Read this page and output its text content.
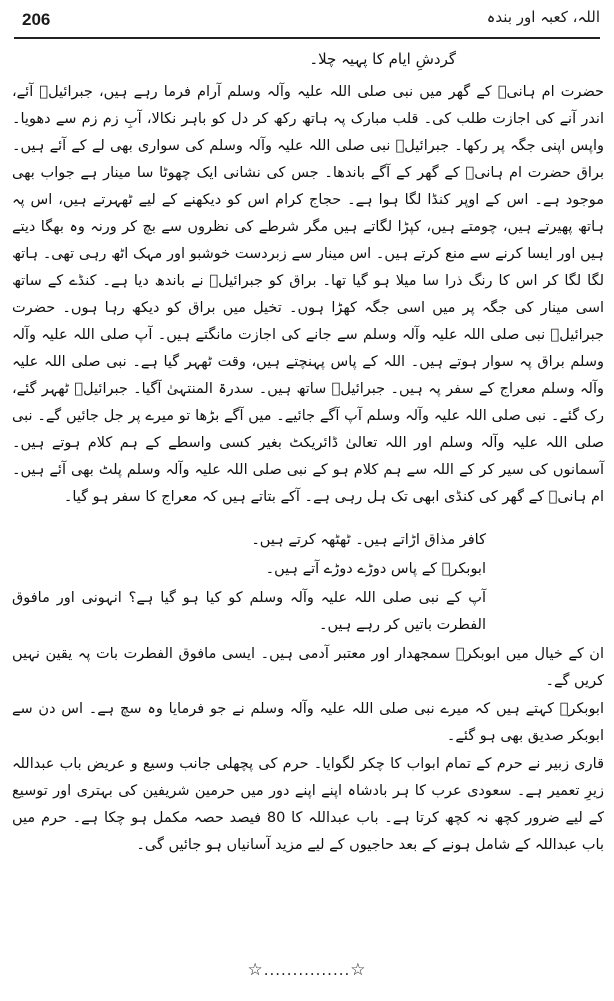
206	اللہ، کعبہ اور بندہ

گردشِ ایام کا پہیہ چلا۔

حضرت ام ہانیؓ کے گھر میں نبی صلی اللہ علیہ وآلہ وسلم آرام فرما رہے ہیں، جبرائیلؑ آئے، اندر آنے کی اجازت طلب کی۔ قلب مبارک پہ ہاتھ رکھ کر دل کو باہر نکالا، آبِ زم زم سے دھویا۔ واپس اپنی جگہ پر رکھا۔ جبرائیلؑ نبی صلی اللہ علیہ وآلہ وسلم کی سواری بھی لے کے آئے ہیں۔ براق حضرت ام ہانیؓ کے گھر کے آگے باندھا۔ جس کی نشانی ایک چھوٹا سا مینار ہے جواب بھی موجود ہے۔ اس کے اوپر کنڈا لگا ہوا ہے۔ حجاج کرام اس کو دیکھنے کے لیے ٹھہرتے ہیں، اس پہ ہاتھ پھیرتے ہیں، چومتے ہیں، کپڑا لگاتے ہیں مگر شرطے کی نظروں سے بچ کر ورنہ وہ بھگا دیتے ہیں اور ایسا کرنے سے منع کرتے ہیں۔ اس مینار سے زبردست خوشبو اور مہک اٹھ رہی تھی۔ ہاتھ لگا لگا کر اس کا رنگ ذرا سا میلا ہو گیا تھا۔ براق کو جبرائیلؑ نے باندھ دیا ہے۔ کنڈے کے ساتھ اسی مینار کی جگہ پر میں اسی جگہ کھڑا ہوں۔ تخیل میں براق کو دیکھ رہا ہوں۔ حضرت جبرائیلؑ نبی صلی اللہ علیہ وآلہ وسلم سے جانے کی اجازت مانگتے ہیں۔ آپ صلی اللہ علیہ وآلہ وسلم براق پہ سوار ہوتے ہیں۔ اللہ کے پاس پہنچتے ہیں، وقت ٹھہر گیا ہے۔ نبی صلی اللہ علیہ وآلہ وسلم معراج کے سفر پہ ہیں۔ جبرائیلؑ ساتھ ہیں۔ سدرۃ المنتہیٰ آگیا۔ جبرائیلؑ ٹھہر گئے، رک گئے۔ نبی صلی اللہ علیہ وآلہ وسلم آپ آگے جائیے۔ میں آگے بڑھا تو میرے پر جل جائیں گے۔ نبی صلی اللہ علیہ وآلہ وسلم اور اللہ تعالیٰ ڈائریکٹ بغیر کسی واسطے کے ہم کلام ہوتے ہیں۔ آسمانوں کی سیر کر کے اللہ سے ہم کلام ہو کے نبی صلی اللہ علیہ وآلہ وسلم پلٹ بھی آئے ہیں۔ ام ہانیؓ کے گھر کی کنڈی ابھی تک ہل رہی ہے۔ آکے بتاتے ہیں کہ معراج کا سفر ہو گیا۔

کافر مذاق اڑاتے ہیں۔ ٹھٹھہ کرتے ہیں۔

ابوبکرؓ کے پاس دوڑے دوڑے آتے ہیں۔

آپ کے نبی صلی اللہ علیہ وآلہ وسلم کو کیا ہو گیا ہے؟ انہونی اور مافوق الفطرت باتیں کر رہے ہیں۔

ان کے خیال میں ابوبکرؓ سمجھدار اور معتبر آدمی ہیں۔ ایسی مافوق الفطرت بات پہ یقین نہیں کریں گے۔

ابوبکرؓ کہتے ہیں کہ میرے نبی صلی اللہ علیہ وآلہ وسلم نے جو فرمایا وہ سچ ہے۔ اس دن سے ابوبکر صدیق بھی ہو گئے۔

قاری زبیر نے حرم کے تمام ابواب کا چکر لگوایا۔ حرم کی پچھلی جانب وسیع و عریض باب عبداللہ زیرِ تعمیر ہے۔ سعودی عرب کا ہر بادشاہ اپنے اپنے دور میں حرمین شریفین کی بہتری اور توسیع کے لیے ضرور کچھ نہ کچھ کرتا ہے۔ باب عبداللہ کا 80 فیصد حصہ مکمل ہو چکا ہے۔ حرم میں باب عبداللہ کے شامل ہونے کے بعد حاجیوں کے لیے مزید آسانیاں ہو جائیں گی۔

☆...............☆
